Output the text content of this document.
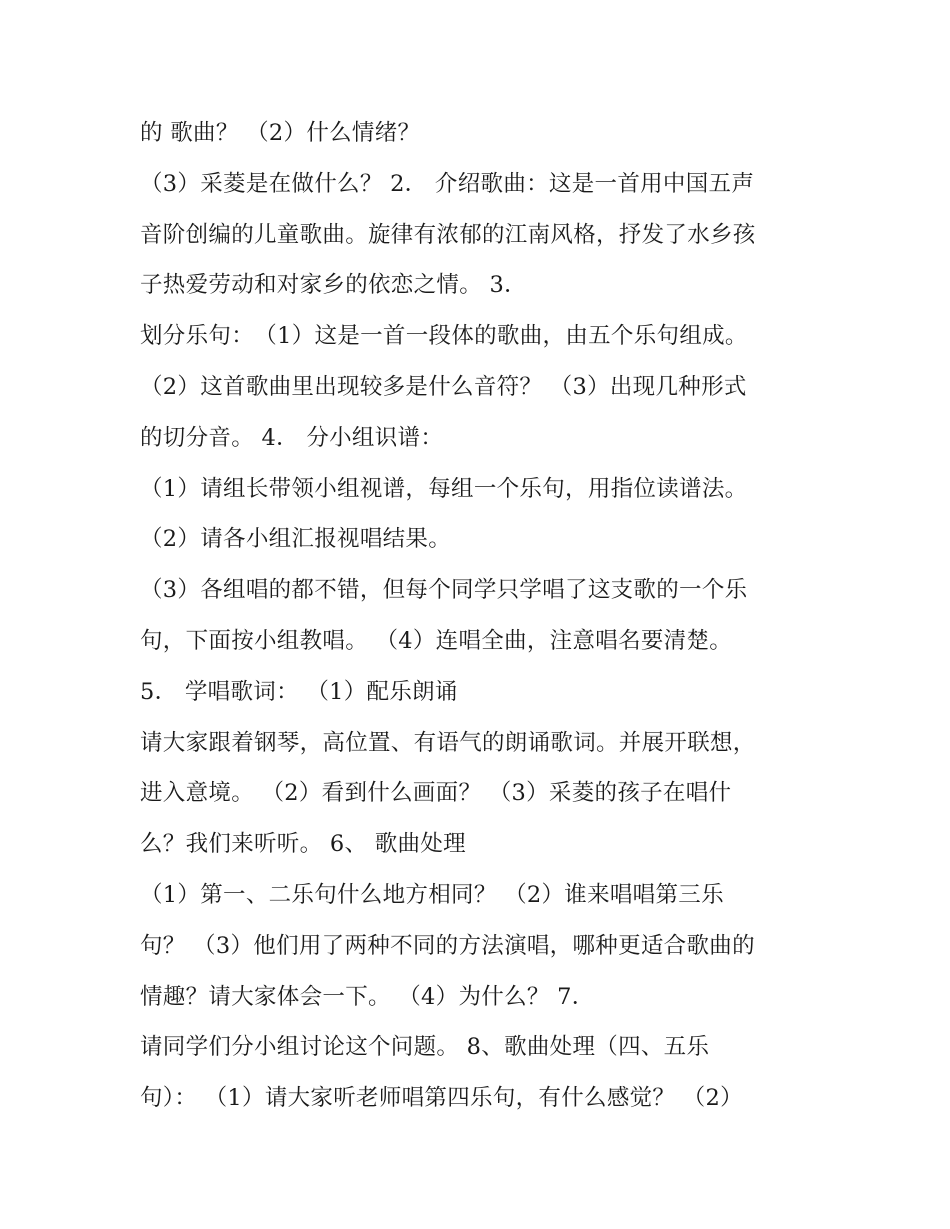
的 歌曲？ （2）什么情绪？
（3）采菱是在做什么？ 2． 介绍歌曲：这是一首用中国五声
音阶创编的儿童歌曲。旋律有浓郁的江南风格，抒发了水乡孩
子热爱劳动和对家乡的依恋之情。 3．
划分乐句：　（1）这是一首一段体的歌曲，由五个乐句组成。
（2）这首歌曲里出现较多是什么音符？ （3）出现几种形式
的切分音。 4． 分小组识谱：
（1）请组长带领小组视谱，每组一个乐句，用指位读谱法。
（2）请各小组汇报视唱结果。
（3）各组唱的都不错，但每个同学只学唱了这支歌的一个乐
句，下面按小组教唱。 （4）连唱全曲，注意唱名要清楚。
5． 学唱歌词： （1）配乐朗诵
请大家跟着钢琴，高位置、有语气的朗诵歌词。并展开联想，
进入意境。 （2）看到什么画面？ （3）采菱的孩子在唱什
么？我们来听听。 6、 歌曲处理
（1）第一、二乐句什么地方相同？ （2）谁来唱唱第三乐
句？ （3）他们用了两种不同的方法演唱，哪种更适合歌曲的
情趣？请大家体会一下。 （4）为什么？ 7．
请同学们分小组讨论这个问题。 8、歌曲处理（四、五乐
句）： （1）请大家听老师唱第四乐句，有什么感觉？ （2）
